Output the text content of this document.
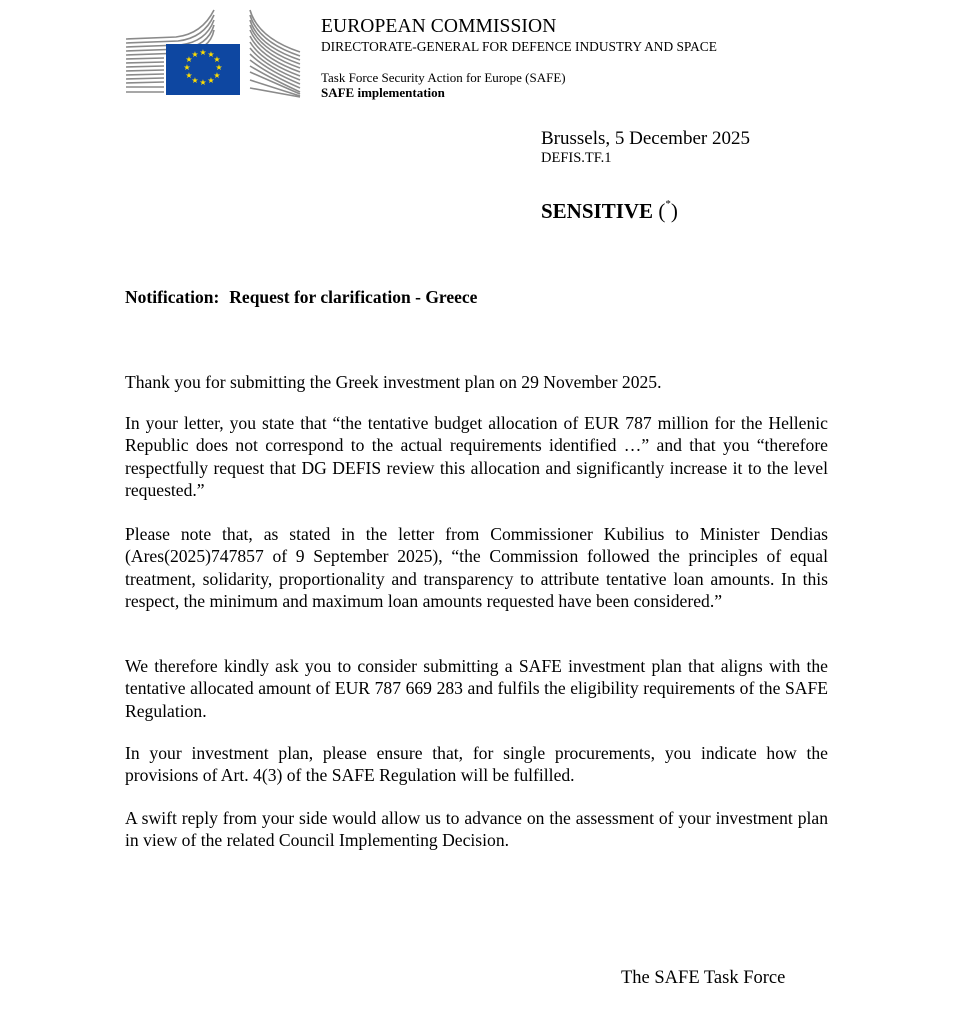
★ ★
★
★
★
★
★
★
★
★
★
★
EUROPEAN COMMISSION
DIRECTORATE-GENERAL FOR DEFENCE INDUSTRY AND SPACE
Task Force Security Action for Europe (SAFE)
SAFE implementation
Brussels, 5 December 2025
DEFIS.TF.1
SENSITIVE (*)
Notification: Request for clarification - Greece
Thank you for submitting the Greek investment plan on 29 November 2025.
In your letter, you state that “the tentative budget allocation of EUR 787 million for the Hellenic Republic does not correspond to the actual requirements identified …” and that you “therefore respectfully request that DG DEFIS review this allocation and significantly increase it to the level requested.”
Please note that, as stated in the letter from Commissioner Kubilius to Minister Dendias (Ares(2025)747857 of 9 September 2025), “the Commission followed the principles of equal treatment, solidarity, proportionality and transparency to attribute tentative loan amounts. In this respect, the minimum and maximum loan amounts requested have been considered.”
We therefore kindly ask you to consider submitting a SAFE investment plan that aligns with the tentative allocated amount of EUR 787 669 283 and fulfils the eligibility requirements of the SAFE Regulation.
In your investment plan, please ensure that, for single procurements, you indicate how the provisions of Art. 4(3) of the SAFE Regulation will be fulfilled.
A swift reply from your side would allow us to advance on the assessment of your investment plan in view of the related Council Implementing Decision.
The SAFE Task Force
